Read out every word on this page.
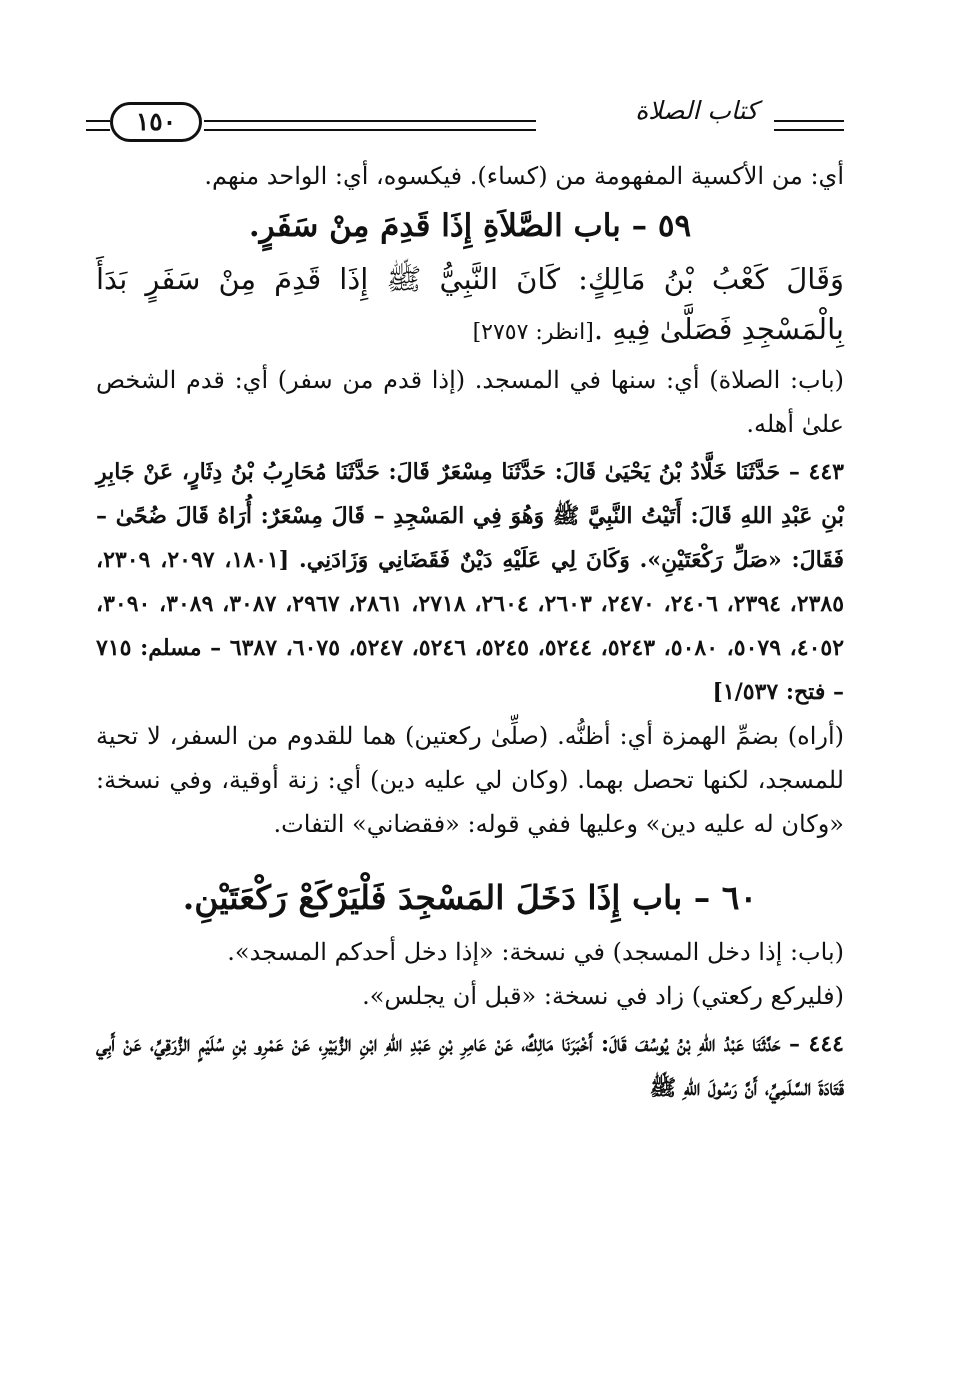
كتاب الصلاة
١٥٠

أي: من الأكسية المفهومة من (كساء). فيكسوه، أي: الواحد منهم.

٥٩ – باب الصَّلاَةِ إِذَا قَدِمَ مِنْ سَفَرٍ.

وَقَالَ كَعْبُ بْنُ مَالِكٍ: كَانَ النَّبِيُّ ﷺ إِذَا قَدِمَ مِنْ سَفَرٍ بَدَأَ بِالْمَسْجِدِ فَصَلَّىٰ فِيهِ .[انظر: ٢٧٥٧]

(باب: الصلاة) أي: سنها في المسجد. (إذا قدم من سفر) أي: قدم الشخص علىٰ أهله.

٤٤٣ – حَدَّثَنَا خَلَّادُ بْنُ يَحْيَىٰ قَالَ: حَدَّثَنَا مِسْعَرٌ قَالَ: حَدَّثَنَا مُحَارِبُ بْنُ دِثَارٍ، عَنْ جَابِرِ بْنِ عَبْدِ اللهِ قَالَ: أَتَيْتُ النَّبِيَّ ﷺ وَهُوَ فِي المَسْجِدِ – قَالَ مِسْعَرٌ: أُرَاهُ قَالَ ضُحًىٰ – فَقَالَ: «صَلِّ رَكْعَتَيْنِ». وَكَانَ لِي عَلَيْهِ دَيْنٌ فَقَضَانِي وَزَادَنِي. [١٨٠١، ٢٠٩٧، ٢٣٠٩، ٢٣٨٥، ٢٣٩٤، ٢٤٠٦، ٢٤٧٠، ٢٦٠٣، ٢٦٠٤، ٢٧١٨، ٢٨٦١، ٢٩٦٧، ٣٠٨٧، ٣٠٨٩، ٣٠٩٠، ٤٠٥٢، ٥٠٧٩، ٥٠٨٠، ٥٢٤٣، ٥٢٤٤، ٥٢٤٥، ٥٢٤٦، ٥٢٤٧، ٦٠٧٥، ٦٣٨٧ – مسلم: ٧١٥ – فتح: ١/٥٣٧]

(أراه) بضمِّ الهمزة أي: أظنُّه. (صلِّىٰ ركعتين) هما للقدوم من السفر، لا تحية للمسجد، لكنها تحصل بهما. (وكان لي عليه دين) أي: زنة أوقية، وفي نسخة: «وكان له عليه دين» وعليها ففي قوله: «فقضاني» التفات.

٦٠ – باب إِذَا دَخَلَ المَسْجِدَ فَلْيَرْكَعْ رَكْعَتَيْنِ.

(باب: إذا دخل المسجد) في نسخة: «إذا دخل أحدكم المسجد».

(فليركع ركعتي) زاد في نسخة: «قبل أن يجلس».

٤٤٤ – حَدَّثَنَا عَبْدُ اللهِ بْنُ يُوسُفَ قَالَ: أَخْبَرَنَا مَالِكٌ، عَنْ عَامِرِ بْنِ عَبْدِ اللهِ ابْنِ الزُّبَيْرِ، عَنْ عَمْرِو بْنِ سُلَيْمٍ الزُّرَقِيِّ، عَنْ أَبِي قَتَادَةَ السَّلَمِيِّ، أَنَّ رَسُولَ اللهِ ﷺ
